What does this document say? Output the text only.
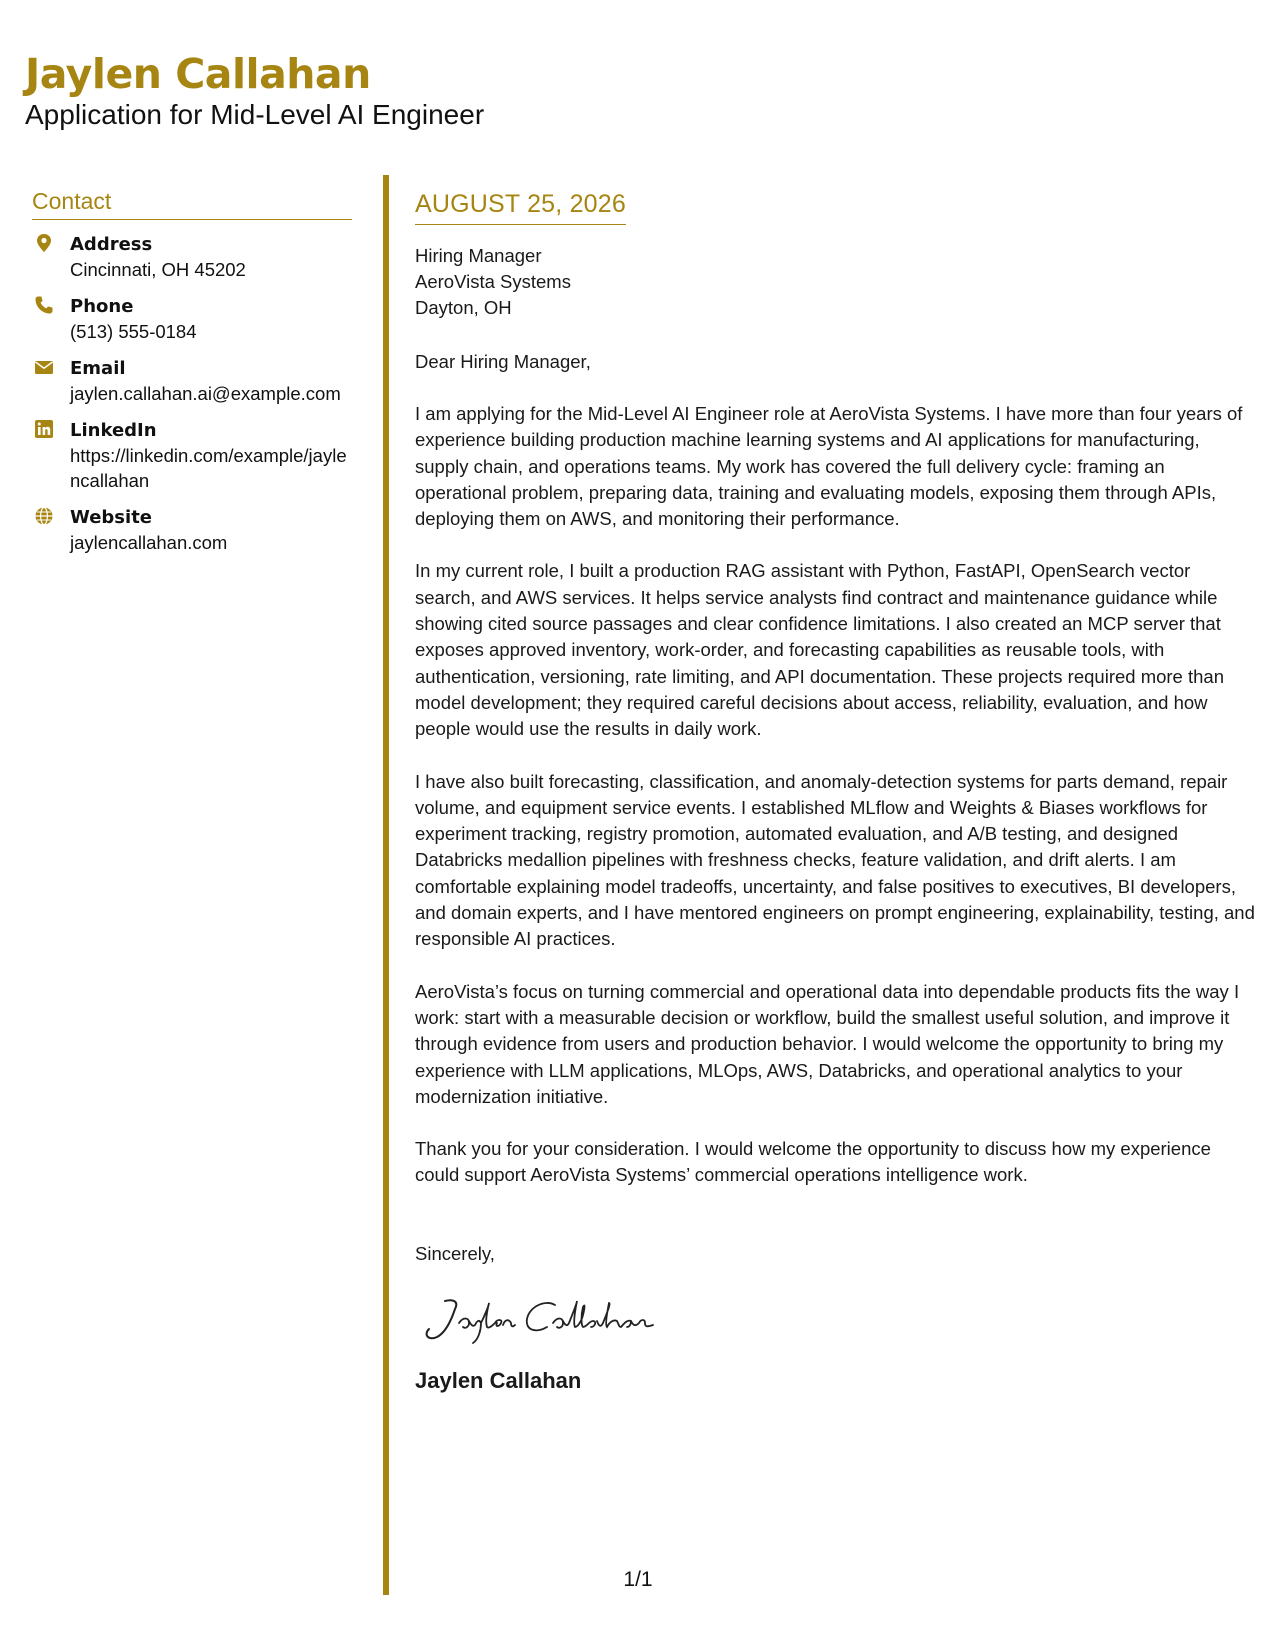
Jaylen Callahan

Application for Mid-Level AI Engineer

Contact
Address
Cincinnati, OH 45202
Phone
(513) 555-0184
Email
jaylen.callahan.ai@example.com
LinkedIn
https://linkedin.com/example/jaylencallahan
Website
jaylencallahan.com
AUGUST 25, 2026
Hiring Manager
AeroVista Systems
Dayton, OH
Dear Hiring Manager,
I am applying for the Mid-Level AI Engineer role at AeroVista Systems. I have more than four years of experience building production machine learning systems and AI applications for manufacturing, supply chain, and operations teams. My work has covered the full delivery cycle: framing an operational problem, preparing data, training and evaluating models, exposing them through APIs, deploying them on AWS, and monitoring their performance.
In my current role, I built a production RAG assistant with Python, FastAPI, OpenSearch vector search, and AWS services. It helps service analysts find contract and maintenance guidance while showing cited source passages and clear confidence limitations. I also created an MCP server that exposes approved inventory, work-order, and forecasting capabilities as reusable tools, with authentication, versioning, rate limiting, and API documentation. These projects required more than model development; they required careful decisions about access, reliability, evaluation, and how people would use the results in daily work.
I have also built forecasting, classification, and anomaly-detection systems for parts demand, repair volume, and equipment service events. I established MLflow and Weights & Biases workflows for experiment tracking, registry promotion, automated evaluation, and A/B testing, and designed Databricks medallion pipelines with freshness checks, feature validation, and drift alerts. I am comfortable explaining model tradeoffs, uncertainty, and false positives to executives, BI developers, and domain experts, and I have mentored engineers on prompt engineering, explainability, testing, and responsible AI practices.
AeroVista’s focus on turning commercial and operational data into dependable products fits the way I work: start with a measurable decision or workflow, build the smallest useful solution, and improve it through evidence from users and production behavior. I would welcome the opportunity to bring my experience with LLM applications, MLOps, AWS, Databricks, and operational analytics to your modernization initiative.
Thank you for your consideration. I would welcome the opportunity to discuss how my experience could support AeroVista Systems’ commercial operations intelligence work.
Sincerely,
Jaylen Callahan
1/1
